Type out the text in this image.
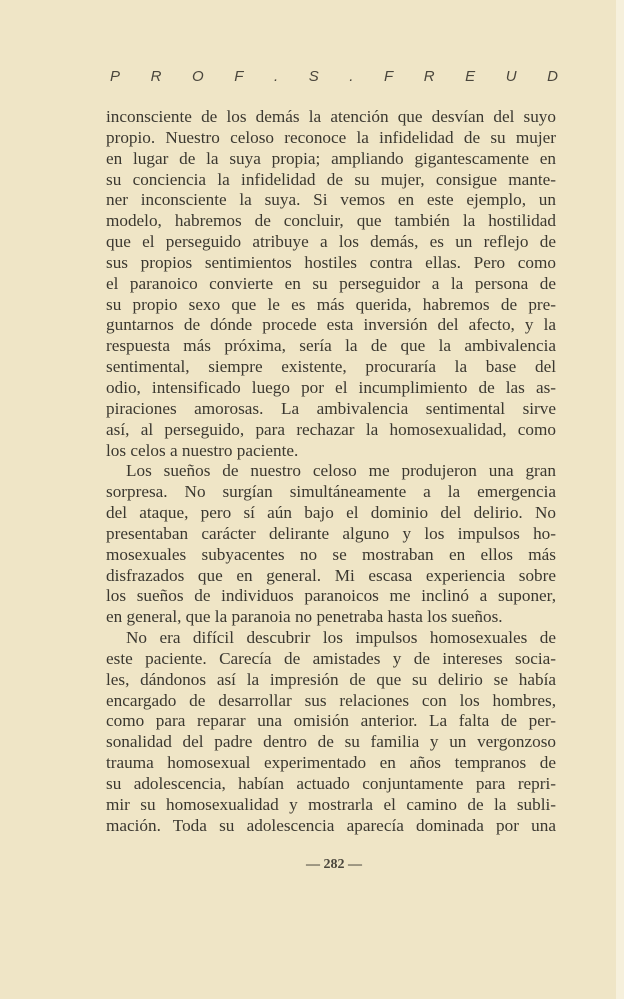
P R O F . S . F R E U D
inconsciente de los demás la atención que desvían del suyo
propio. Nuestro celoso reconoce la infidelidad de su mujer
en lugar de la suya propia; ampliando gigantescamente en
su conciencia la infidelidad de su mujer, consigue mante-
ner inconsciente la suya. Si vemos en este ejemplo, un
modelo, habremos de concluir, que también la hostilidad
que el perseguido atribuye a los demás, es un reflejo de
sus propios sentimientos hostiles contra ellas. Pero como
el paranoico convierte en su perseguidor a la persona de
su propio sexo que le es más querida, habremos de pre-
guntarnos de dónde procede esta inversión del afecto, y la
respuesta más próxima, sería la de que la ambivalencia
sentimental, siempre existente, procuraría la base del
odio, intensificado luego por el incumplimiento de las as-
piraciones amorosas. La ambivalencia sentimental sirve
así, al perseguido, para rechazar la homosexualidad, como
los celos a nuestro paciente.
Los sueños de nuestro celoso me produjeron una gran
sorpresa. No surgían simultáneamente a la emergencia
del ataque, pero sí aún bajo el dominio del delirio. No
presentaban carácter delirante alguno y los impulsos ho-
mosexuales subyacentes no se mostraban en ellos más
disfrazados que en general. Mi escasa experiencia sobre
los sueños de individuos paranoicos me inclinó a suponer,
en general, que la paranoia no penetraba hasta los sueños.
No era difícil descubrir los impulsos homosexuales de
este paciente. Carecía de amistades y de intereses socia-
les, dándonos así la impresión de que su delirio se había
encargado de desarrollar sus relaciones con los hombres,
como para reparar una omisión anterior. La falta de per-
sonalidad del padre dentro de su familia y un vergonzoso
trauma homosexual experimentado en años tempranos de
su adolescencia, habían actuado conjuntamente para repri-
mir su homosexualidad y mostrarla el camino de la subli-
mación. Toda su adolescencia aparecía dominada por una
— 282 —
